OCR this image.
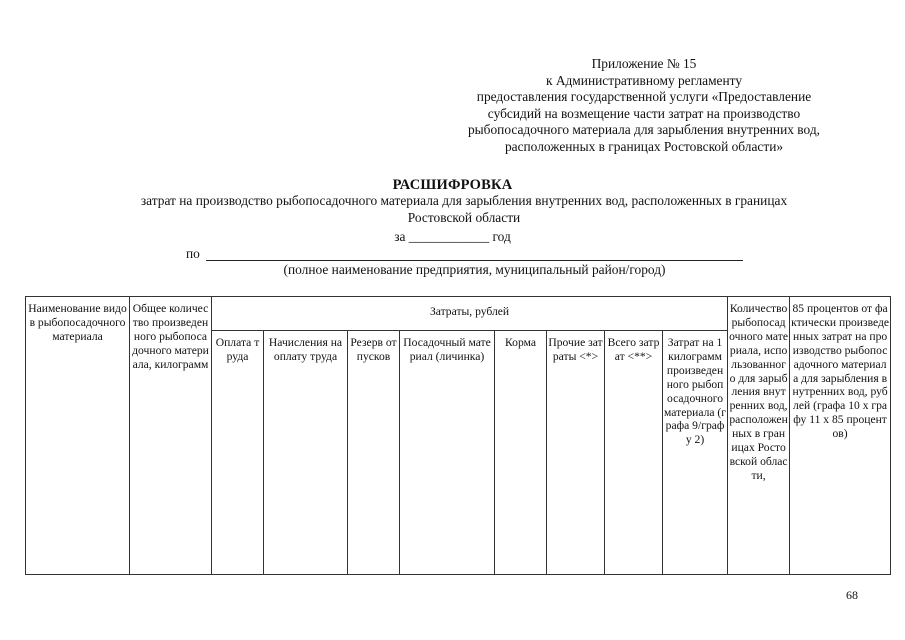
Приложение № 15
к Административному регламенту
предоставления государственной услуги «Предоставление
субсидий на возмещение части затрат на производство
рыбопосадочного материала для зарыбления внутренних вод,
расположенных в границах Ростовской области»
РАСШИФРОВКА
затрат на производство рыбопосадочного материала для зарыбления внутренних вод, расположенных в границах
Ростовской области
за ____________ год
по
(полное наименование предприятия, муниципальный район/город)
Наименование видов рыбопосадочного материала	Общее количество произведенного рыбопосадочного материала, килограмм	Затраты, рублей								Количество рыбопосадочного материала, использованного для зарыбления внутренних вод, расположенных в границах Ростовской области,	85 процентов от фактически произведенных затрат на производство рыбопосадочного материала для зарыбления внутренних вод, рублей (графа 10 х графу 11 х 85 процентов)
		Оплата труда	Начисления на оплату труда	Резерв отпусков	Посадочный материал (личинка)	Корма	Прочие затраты <*>	Всего затрат <**>	Затрат на 1 килограмм произведенного рыбопосадочного материала (графа 9/графу 2)		
68
